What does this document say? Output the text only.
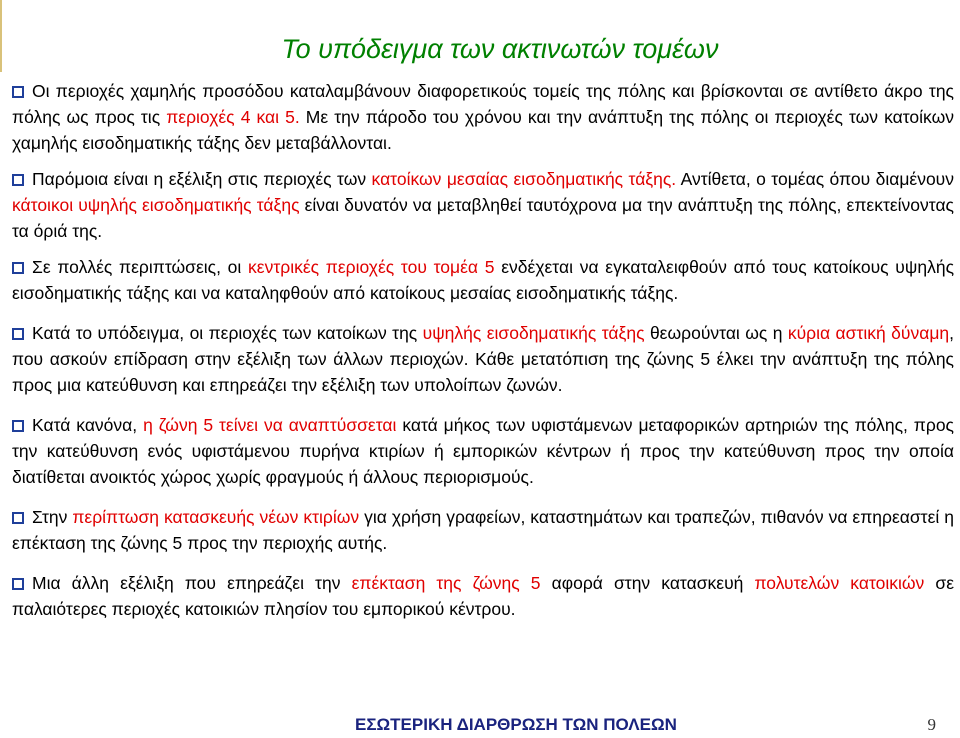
Το υπόδειγμα των ακτινωτών τομέων

Οι περιοχές χαμηλής προσόδου καταλαμβάνουν διαφορετικούς τομείς της πόλης και βρίσκονται σε αντίθετο άκρο της πόλης ως προς τις περιοχές 4 και 5. Με την πάροδο του χρόνου και την ανάπτυξη της πόλης οι περιοχές των κατοίκων χαμηλής εισοδηματικής τάξης δεν μεταβάλλονται.

Παρόμοια είναι η εξέλιξη στις περιοχές των κατοίκων μεσαίας εισοδηματικής τάξης. Αντίθετα, ο τομέας όπου διαμένουν κάτοικοι υψηλής εισοδηματικής τάξης είναι δυνατόν να μεταβληθεί ταυτόχρονα μα την ανάπτυξη της πόλης, επεκτείνοντας τα όριά της.

Σε πολλές περιπτώσεις, οι κεντρικές περιοχές του τομέα 5 ενδέχεται να εγκαταλειφθούν από τους κατοίκους υψηλής εισοδηματικής τάξης και να καταληφθούν από κατοίκους μεσαίας εισοδηματικής τάξης.

Κατά το υπόδειγμα, οι περιοχές των κατοίκων της υψηλής εισοδηματικής τάξης θεωρούνται ως η κύρια αστική δύναμη, που ασκούν επίδραση στην εξέλιξη των άλλων περιοχών. Κάθε μετατόπιση της ζώνης 5 έλκει την ανάπτυξη της πόλης προς μια κατεύθυνση και επηρεάζει την εξέλιξη των υπολοίπων ζωνών.

Κατά κανόνα, η ζώνη 5 τείνει να αναπτύσσεται κατά μήκος των υφιστάμενων μεταφορικών αρτηριών της πόλης, προς την κατεύθυνση ενός υφιστάμενου πυρήνα κτιρίων ή εμπορικών κέντρων ή προς την κατεύθυνση προς την οποία διατίθεται ανοικτός χώρος χωρίς φραγμούς ή άλλους περιορισμούς.

Στην περίπτωση κατασκευής νέων κτιρίων για χρήση γραφείων, καταστημάτων και τραπεζών, πιθανόν να επηρεαστεί η επέκταση της ζώνης 5 προς την περιοχής αυτής.

Μια άλλη εξέλιξη που επηρεάζει την επέκταση της ζώνης 5 αφορά στην κατασκευή πολυτελών κατοικιών σε παλαιότερες περιοχές κατοικιών πλησίον του εμπορικού κέντρου.

ΕΣΩΤΕΡΙΚΗ ΔΙΑΡΘΡΩΣΗ ΤΩΝ ΠΟΛΕΩΝ	9
